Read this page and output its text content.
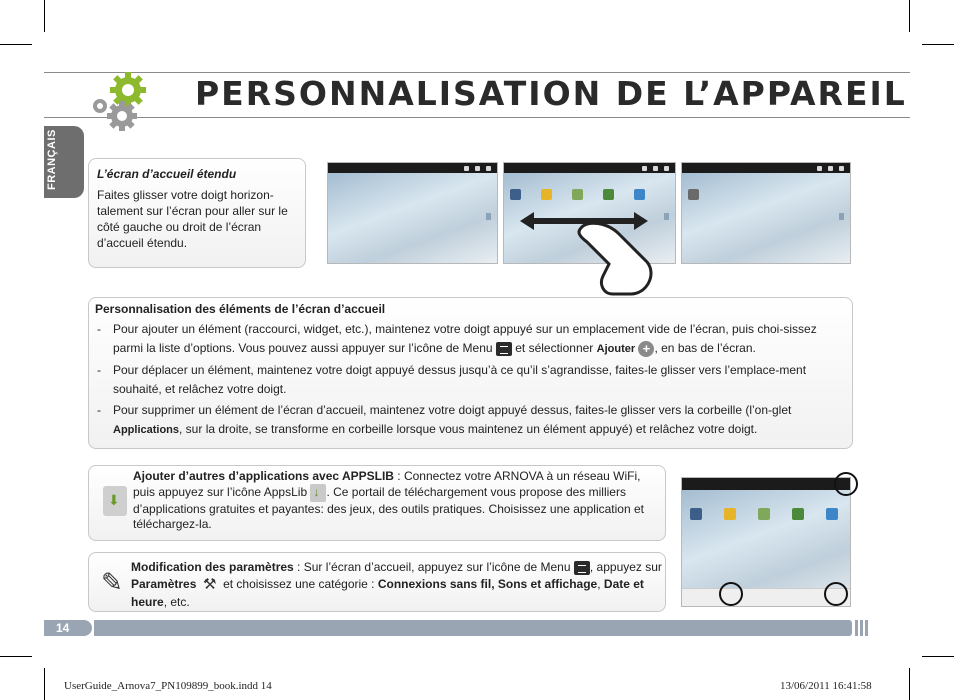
PERSONNALISATION DE L’APPAREIL
FRANÇAIS	L’écran d’accueil étendu

Faites glisser votre doigt horizon-talement sur l’écran pour aller sur le côté gauche ou droit de l’écran d’accueil étendu.

Personnalisation des éléments de l’écran d’accueil
- Pour ajouter un élément (raccourci, widget, etc.), maintenez votre doigt appuyé sur un emplacement vide de l’écran, puis choi-sissez parmi la liste d’options. Vous pouvez aussi appuyer sur l’icône de Menu et sélectionner Ajouter + , en bas de l’écran.
- Pour déplacer un élément, maintenez votre doigt appuyé dessus jusqu’à ce qu’il s’agrandisse, faites-le glisser vers l’emplace-ment souhaité, et relâchez votre doigt.
- Pour supprimer un élément de l’écran d’accueil, maintenez votre doigt appuyé dessus, faites-le glisser vers la corbeille (l’on-glet Applications, sur la droite, se transforme en corbeille lorsque vous maintenez un élément appuyé) et relâchez votre doigt.
⬇

Ajouter d’autres d’applications avec APPSLIB : Connectez votre ARNOVA à un réseau WiFi, puis appuyez sur l’icône AppsLib ↓ . Ce portail de téléchargement vous propose des milliers d’applications gratuites et payantes: des jeux, des outils pratiques. Choisissez une application et téléchargez-la.

✎ Modification des paramètres : Sur l’écran d’accueil, appuyez sur l’icône de Menu , appuyez sur
Paramètres ⚒ et choisissez une catégorie : Connexions sans fil, Sons et affichage, Date et heure, etc.

14
UserGuide_Arnova7_PN109899_book.indd 14	13/06/2011 16:41:58
